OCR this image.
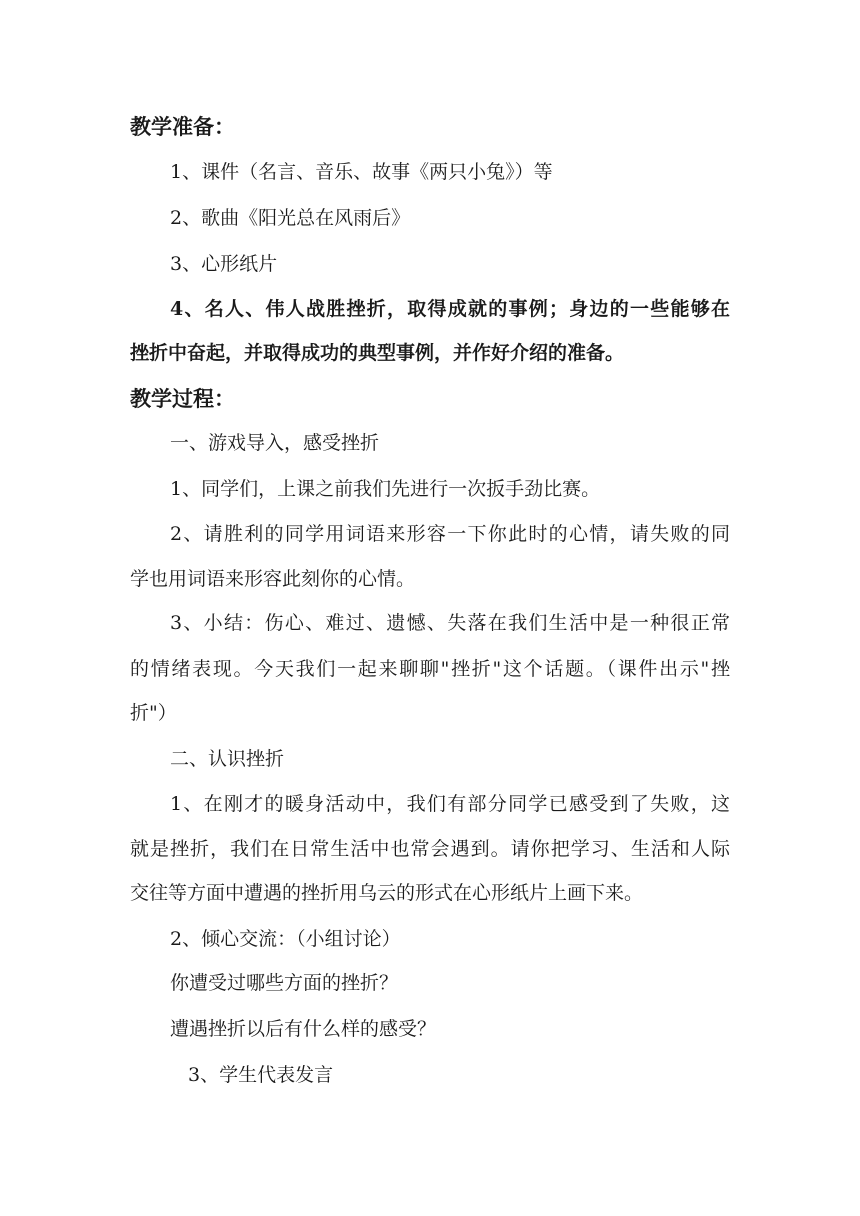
教学准备：
1、课件（名言、音乐、故事《两只小兔》）等
2、歌曲《阳光总在风雨后》
3、心形纸片
4、名人、伟人战胜挫折，取得成就的事例；身边的一些能够在
挫折中奋起，并取得成功的典型事例，并作好介绍的准备。
教学过程：
一、游戏导入，感受挫折
1、同学们，上课之前我们先进行一次扳手劲比赛。
2、请胜利的同学用词语来形容一下你此时的心情，请失败的同
学也用词语来形容此刻你的心情。
3、小结：伤心、难过、遗憾、失落在我们生活中是一种很正常
的情绪表现。今天我们一起来聊聊"挫折"这个话题。（课件出示"挫
折"）
二、认识挫折
1、在刚才的暖身活动中，我们有部分同学已感受到了失败，这
就是挫折，我们在日常生活中也常会遇到。请你把学习、生活和人际
交往等方面中遭遇的挫折用乌云的形式在心形纸片上画下来。
2、倾心交流：（小组讨论）
你遭受过哪些方面的挫折？
遭遇挫折以后有什么样的感受？
3、学生代表发言
